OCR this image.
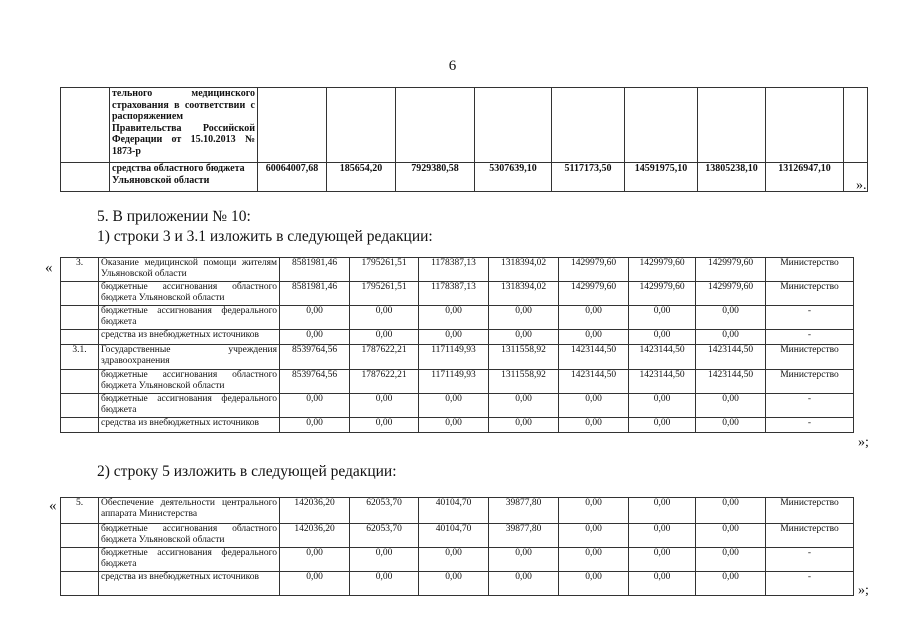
6
	тельного медицинского страхования в соответствии с распоряжением Правительства Российской Федерации от 15.10.2013 № 1873-р									
	средства областного бюджета Ульяновской области	60064007,68	185654,20	7929380,58	5307639,10	5117173,50	14591975,10	13805238,10	13126947,10	
».
5. В приложении № 10:
1) строки 3 и 3.1 изложить в следующей редакции:
« 3.	Оказание медицинской помощи жителям Ульяновской области	8581981,46	1795261,51	1178387,13	1318394,02	1429979,60	1429979,60	1429979,60	Министерство
	бюджетные ассигнования областного бюджета Ульяновской области	8581981,46	1795261,51	1178387,13	1318394,02	1429979,60	1429979,60	1429979,60	Министерство
	бюджетные ассигнования федерального бюджета	0,00	0,00	0,00	0,00	0,00	0,00	0,00	-
	средства из внебюджетных источников	0,00	0,00	0,00	0,00	0,00	0,00	0,00	-
3.1.	Государственные учреждения здравоохранения	8539764,56	1787622,21	1171149,93	1311558,92	1423144,50	1423144,50	1423144,50	Министерство
	бюджетные ассигнования областного бюджета Ульяновской области	8539764,56	1787622,21	1171149,93	1311558,92	1423144,50	1423144,50	1423144,50	Министерство
	бюджетные ассигнования федерального бюджета	0,00	0,00	0,00	0,00	0,00	0,00	0,00	-
	средства из внебюджетных источников	0,00	0,00	0,00	0,00	0,00	0,00	0,00	-
»;
2) строку 5 изложить в следующей редакции:
« 5.	Обеспечение деятельности центрального аппарата Министерства	142036,20	62053,70	40104,70	39877,80	0,00	0,00	0,00	Министерство
	бюджетные ассигнования областного бюджета Ульяновской области	142036,20	62053,70	40104,70	39877,80	0,00	0,00	0,00	Министерство
	бюджетные ассигнования федерального бюджета	0,00	0,00	0,00	0,00	0,00	0,00	0,00	-
	средства из внебюджетных источников	0,00	0,00	0,00	0,00	0,00	0,00	0,00	-
»;
